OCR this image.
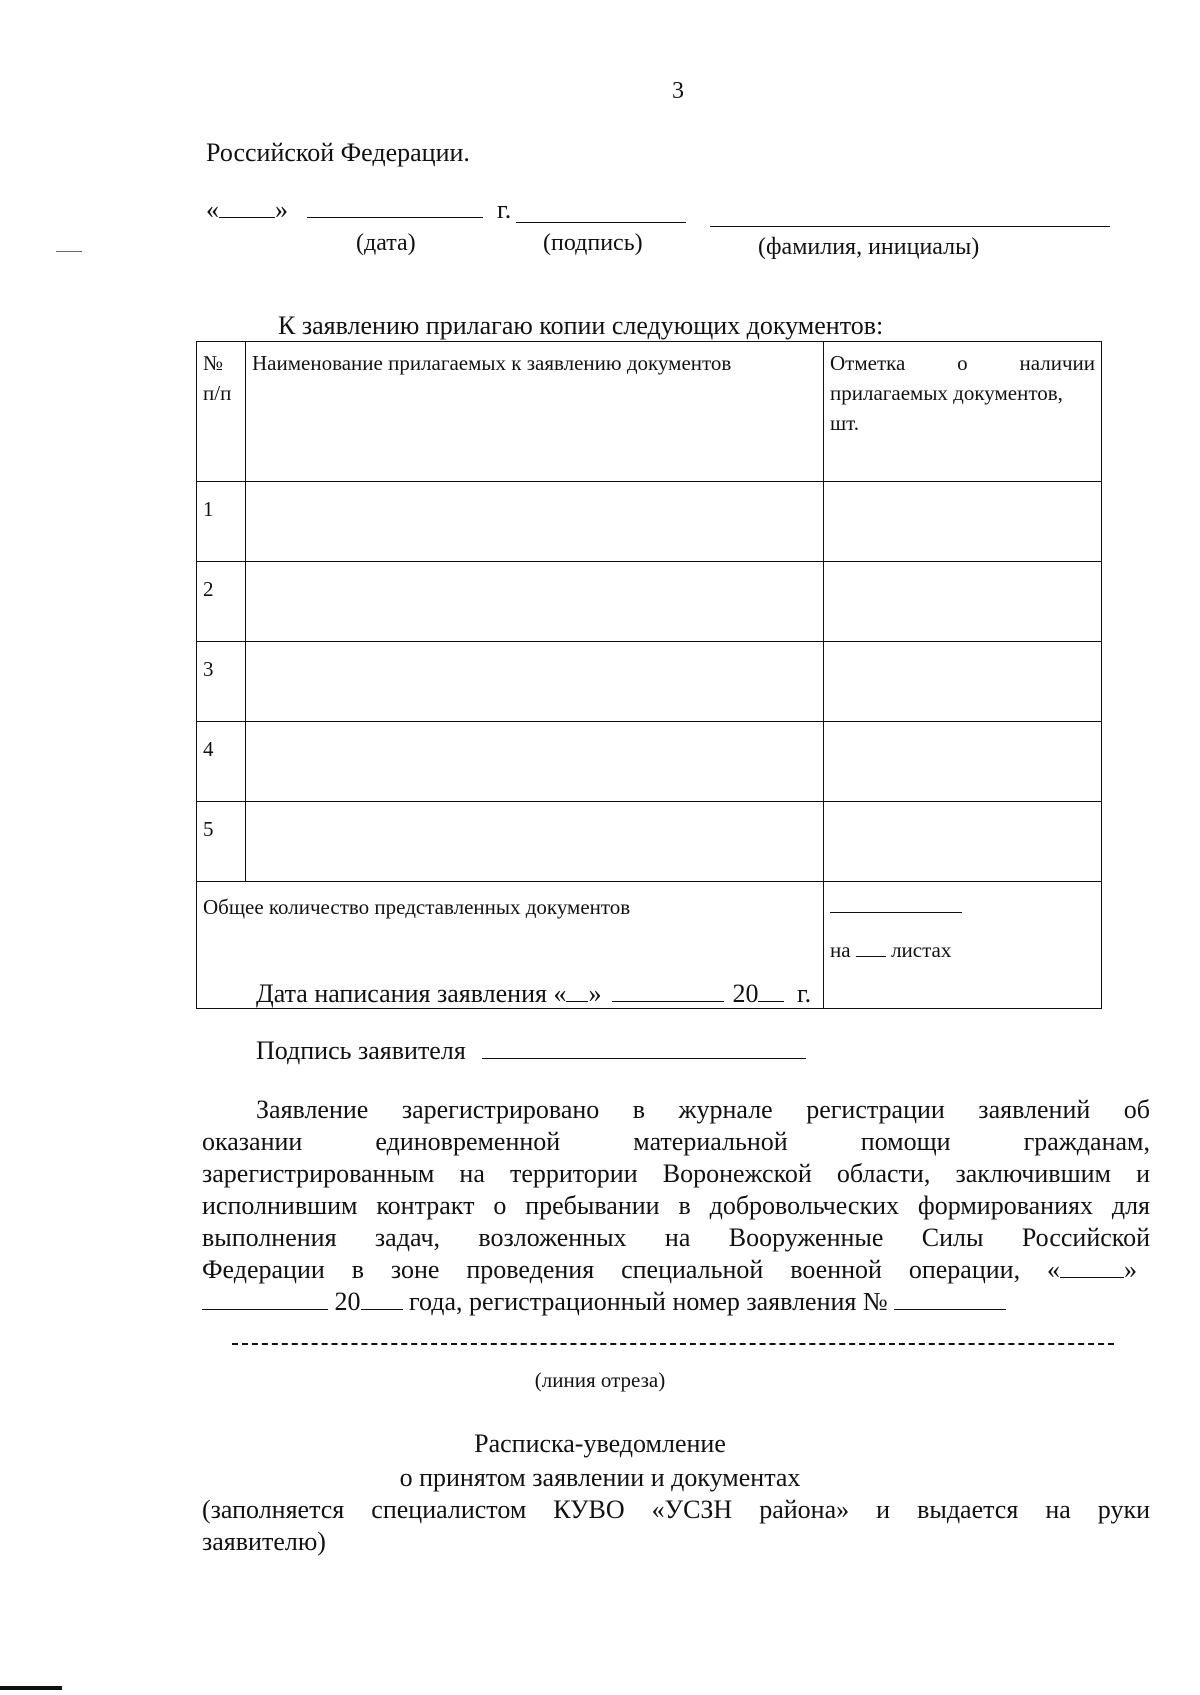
3
Российской Федерации.
« »	г.
(дата)	(подпись)	(фамилия, инициалы)
К заявлению прилагаю копии следующих документов:
№ п/п	Наименование прилагаемых к заявлению документов	Отметка о наличии
прилагаемых документов, шт.

1		
2		
3		
4		
5		
Общее количество представленных документов		на листах
Дата написания заявления « »	20 г.
Подпись заявителя
Заявление зарегистрировано в журнале регистрации заявлений об
оказании единовременной материальной помощи гражданам,
зарегистрированным на территории Воронежской области, заключившим и
исполнившим контракт о пребывании в добровольческих формированиях для
выполнения задач, возложенных на Вооруженные Силы Российской
Федерации в зоне проведения специальной военной операции, « »
20 года, регистрационный номер заявления №
(линия отреза)
Расписка-уведомление
о принятом заявлении и документах
(заполняется специалистом КУВО «УСЗН района» и выдается на руки
заявителю)
